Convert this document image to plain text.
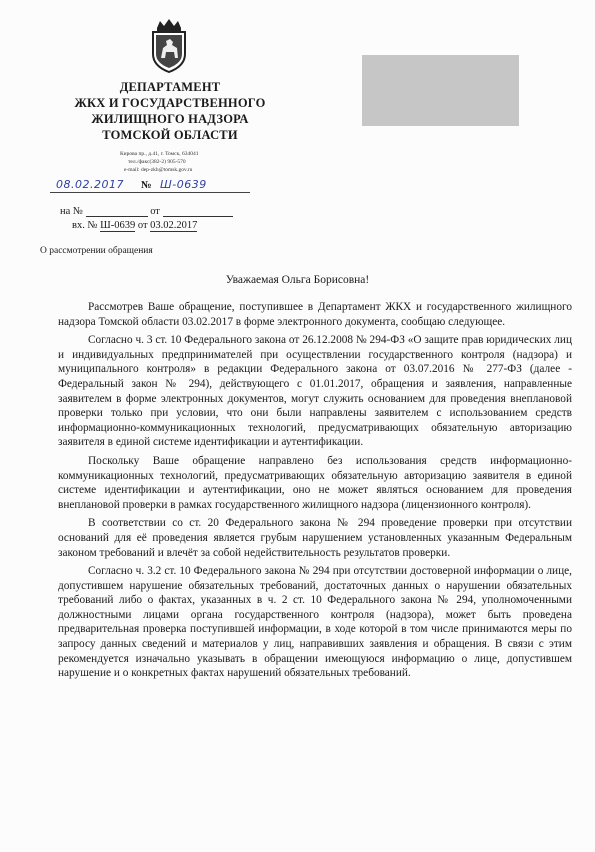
ДЕПАРТАМЕНТ
ЖКХ И ГОСУДАРСТВЕННОГО
ЖИЛИЩНОГО НАДЗОРА
ТОМСКОЙ ОБЛАСТИ
Кирова пр., д.41, г. Томск, 634041
тел./факс(382-2) 905-570
e-mail: dep-zkh@tomsk.gov.ru
08.02.2017 № Ш-0639
на №	от
вх. № Ш-0639 от 03.02.2017
О рассмотрении обращения
Уважаемая Ольга Борисовна!

Рассмотрев Ваше обращение, поступившее в Департамент ЖКХ и государственного жилищного надзора Томской области 03.02.2017 в форме электронного документа, сообщаю следующее.

Согласно ч. 3 ст. 10 Федерального закона от 26.12.2008 № 294-ФЗ «О защите прав юридических лиц и индивидуальных предпринимателей при осуществлении государственного контроля (надзора) и муниципального контроля» в редакции Федерального закона от 03.07.2016 № 277-ФЗ (далее - Федеральный закон № 294), действующего с 01.01.2017, обращения и заявления, направленные заявителем в форме электронных документов, могут служить основанием для проведения внеплановой проверки только при условии, что они были направлены заявителем с использованием средств информационно-коммуникационных технологий, предусматривающих обязательную авторизацию заявителя в единой системе идентификации и аутентификации.

Поскольку Ваше обращение направлено без использования средств информационно-коммуникационных технологий, предусматривающих обязательную авторизацию заявителя в единой системе идентификации и аутентификации, оно не может являться основанием для проведения внеплановой проверки в рамках государственного жилищного надзора (лицензионного контроля).

В соответствии со ст. 20 Федерального закона № 294 проведение проверки при отсутствии оснований для её проведения является грубым нарушением установленных указанным Федеральным законом требований и влечёт за собой недействительность результатов проверки.

Согласно ч. 3.2 ст. 10 Федерального закона № 294 при отсутствии достоверной информации о лице, допустившем нарушение обязательных требований, достаточных данных о нарушении обязательных требований либо о фактах, указанных в ч. 2 ст. 10 Федерального закона № 294, уполномоченными должностными лицами органа государственного контроля (надзора), может быть проведена предварительная проверка поступившей информации, в ходе которой в том числе принимаются меры по запросу данных сведений и материалов у лиц, направивших заявления и обращения. В связи с этим рекомендуется изначально указывать в обращении имеющуюся информацию о лице, допустившем нарушение и о конкретных фактах нарушений обязательных требований.
